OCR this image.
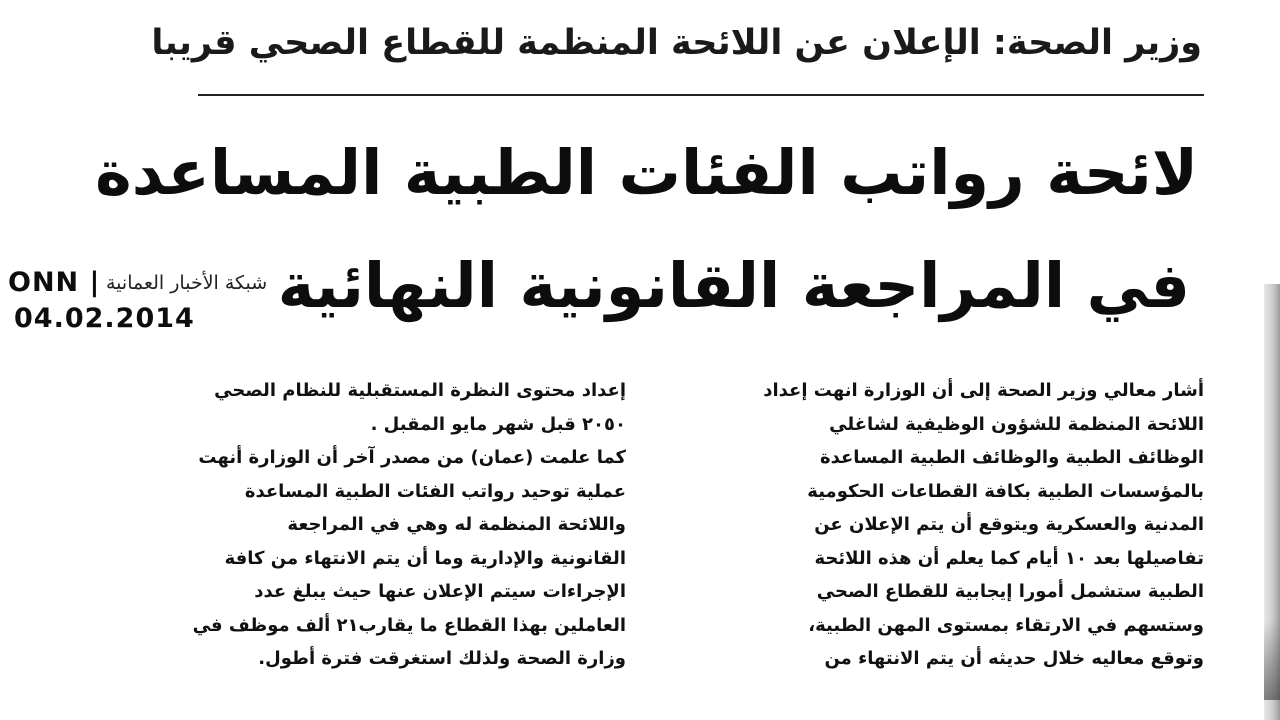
وزير الصحة: الإعلان عن اللائحة المنظمة للقطاع الصحي قريبا
لائحة رواتب الفئات الطبية المساعدة
في المراجعة القانونية النهائية
ONN | شبكة الأخبار العمانية
04.02.2014
أشار معالي وزير الصحة إلى أن الوزارة انهت إعداد
اللائحة المنظمة للشؤون الوظيفية لشاغلي
الوظائف الطبية والوظائف الطبية المساعدة
بالمؤسسات الطبية بكافة القطاعات الحكومية
المدنية والعسكرية ويتوقع أن يتم الإعلان عن
تفاصيلها بعد ١٠ أيام كما يعلم أن هذه اللائحة
الطبية ستشمل أمورا إيجابية للقطاع الصحي
وستسهم في الارتقاء بمستوى المهن الطبية،
وتوقع معاليه خلال حديثه أن يتم الانتهاء من
إعداد محتوى النظرة المستقبلية للنظام الصحي
٢٠٥٠ قبل شهر مايو المقبل .
كما علمت (عمان) من مصدر آخر أن الوزارة أنهت
عملية توحيد رواتب الفئات الطبية المساعدة
واللائحة المنظمة له وهي في المراجعة
القانونية والإدارية وما أن يتم الانتهاء من كافة
الإجراءات سيتم الإعلان عنها حيث يبلغ عدد
العاملين بهذا القطاع ما يقارب٢١ ألف موظف في
وزارة الصحة ولذلك استغرقت فترة أطول.
